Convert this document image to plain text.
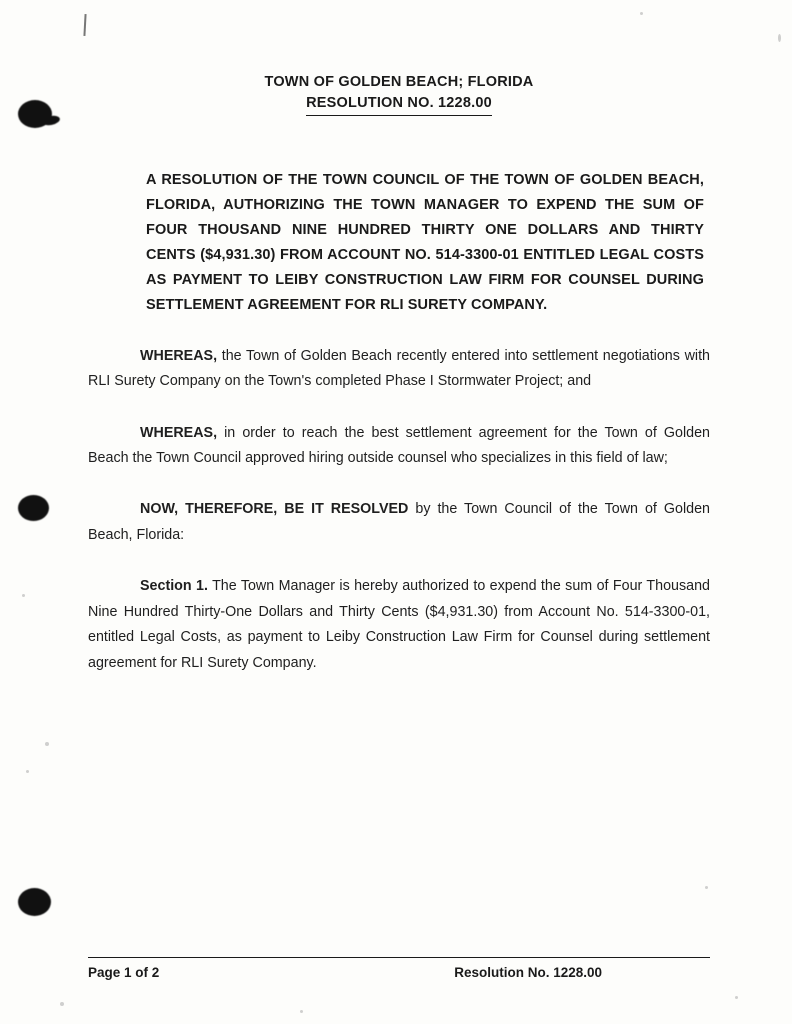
TOWN OF GOLDEN BEACH; FLORIDA
RESOLUTION NO. 1228.00
A RESOLUTION OF THE TOWN COUNCIL OF THE TOWN OF GOLDEN BEACH, FLORIDA, AUTHORIZING THE TOWN MANAGER TO EXPEND THE SUM OF FOUR THOUSAND NINE HUNDRED THIRTY ONE DOLLARS AND THIRTY CENTS ($4,931.30) FROM ACCOUNT NO. 514-3300-01 ENTITLED LEGAL COSTS AS PAYMENT TO LEIBY CONSTRUCTION LAW FIRM FOR COUNSEL DURING SETTLEMENT AGREEMENT FOR RLI SURETY COMPANY.

WHEREAS, the Town of Golden Beach recently entered into settlement negotiations with RLI Surety Company on the Town's completed Phase I Stormwater Project; and

WHEREAS, in order to reach the best settlement agreement for the Town of Golden Beach the Town Council approved hiring outside counsel who specializes in this field of law;

NOW, THEREFORE, BE IT RESOLVED by the Town Council of the Town of Golden Beach, Florida:

Section 1. The Town Manager is hereby authorized to expend the sum of Four Thousand Nine Hundred Thirty-One Dollars and Thirty Cents ($4,931.30) from Account No. 514-3300-01, entitled Legal Costs, as payment to Leiby Construction Law Firm for Counsel during settlement agreement for RLI Surety Company.

Page 1 of 2	Resolution No. 1228.00
